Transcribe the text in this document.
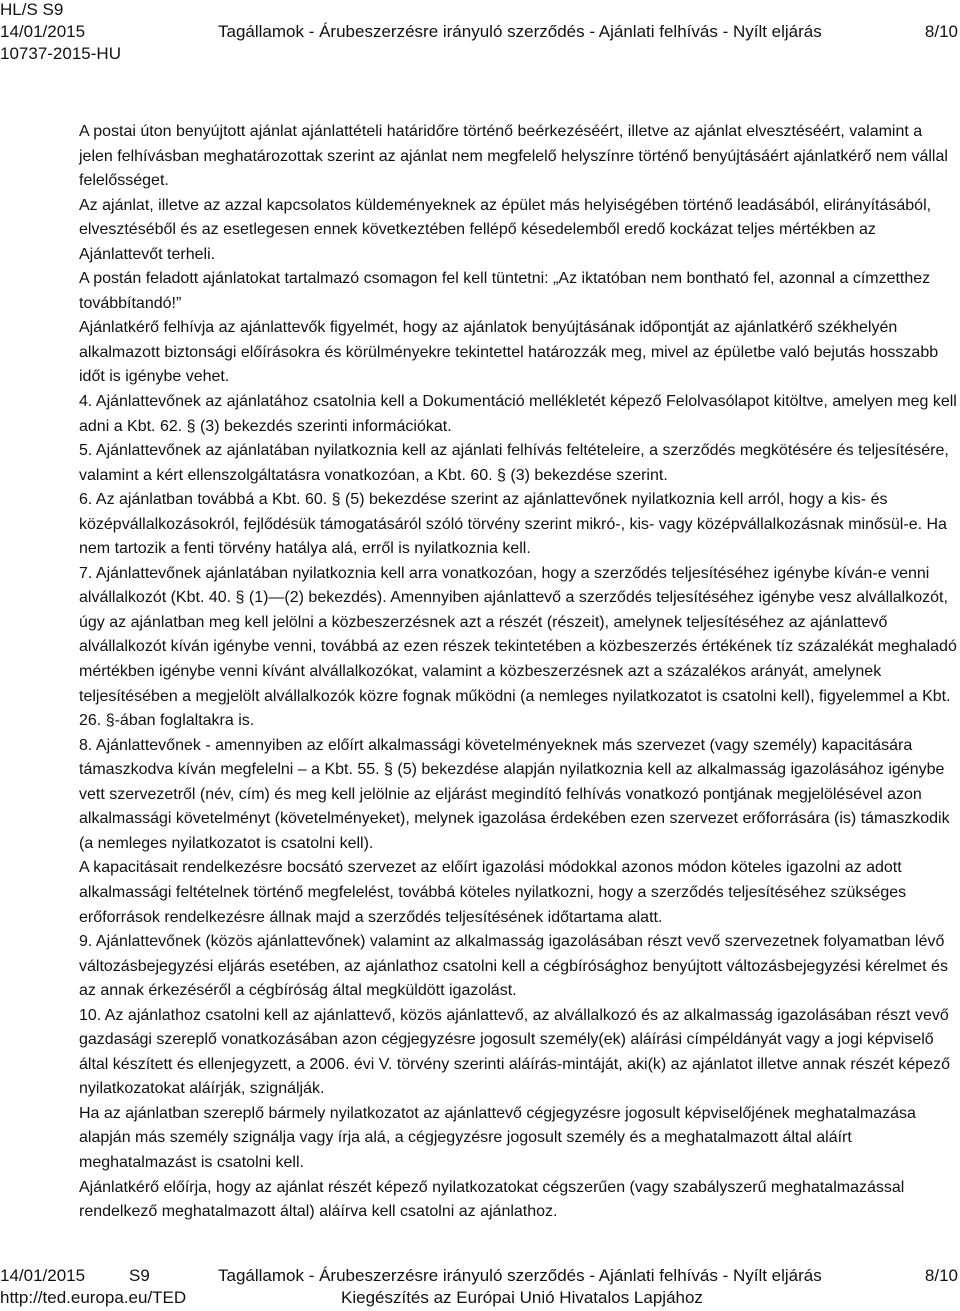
HL/S S9
14/01/2015	Tagállamok - Árubeszerzésre irányuló szerződés - Ajánlati felhívás - Nyílt eljárás	8/10
10737-2015-HU

A postai úton benyújtott ajánlat ajánlattételi határidőre történő beérkezéséért, illetve az ajánlat elvesztéséért, valamint a jelen felhívásban meghatározottak szerint az ajánlat nem megfelelő helyszínre történő benyújtásáért ajánlatkérő nem vállal felelősséget.

Az ajánlat, illetve az azzal kapcsolatos küldeményeknek az épület más helyiségében történő leadásából, elirányításából, elvesztéséből és az esetlegesen ennek következtében fellépő késedelemből eredő kockázat teljes mértékben az Ajánlattevőt terheli.

A postán feladott ajánlatokat tartalmazó csomagon fel kell tüntetni: „Az iktatóban nem bontható fel, azonnal a címzetthez továbbítandó!”

Ajánlatkérő felhívja az ajánlattevők figyelmét, hogy az ajánlatok benyújtásának időpontját az ajánlatkérő székhelyén alkalmazott biztonsági előírásokra és körülményekre tekintettel határozzák meg, mivel az épületbe való bejutás hosszabb időt is igénybe vehet.

4. Ajánlattevőnek az ajánlatához csatolnia kell a Dokumentáció mellékletét képező Felolvasólapot kitöltve, amelyen meg kell adni a Kbt. 62. § (3) bekezdés szerinti információkat.

5. Ajánlattevőnek az ajánlatában nyilatkoznia kell az ajánlati felhívás feltételeire, a szerződés megkötésére és teljesítésére, valamint a kért ellenszolgáltatásra vonatkozóan, a Kbt. 60. § (3) bekezdése szerint.

6. Az ajánlatban továbbá a Kbt. 60. § (5) bekezdése szerint az ajánlattevőnek nyilatkoznia kell arról, hogy a kis- és középvállalkozásokról, fejlődésük támogatásáról szóló törvény szerint mikró-, kis- vagy középvállalkozásnak minősül-e. Ha nem tartozik a fenti törvény hatálya alá, erről is nyilatkoznia kell.

7. Ajánlattevőnek ajánlatában nyilatkoznia kell arra vonatkozóan, hogy a szerződés teljesítéséhez igénybe kíván-e venni alvállalkozót (Kbt. 40. § (1)—(2) bekezdés). Amennyiben ajánlattevő a szerződés teljesítéséhez igénybe vesz alvállalkozót, úgy az ajánlatban meg kell jelölni a közbeszerzésnek azt a részét (részeit), amelynek teljesítéséhez az ajánlattevő alvállalkozót kíván igénybe venni, továbbá az ezen részek tekintetében a közbeszerzés értékének tíz százalékát meghaladó mértékben igénybe venni kívánt alvállalkozókat, valamint a közbeszerzésnek azt a százalékos arányát, amelynek teljesítésében a megjelölt alvállalkozók közre fognak működni (a nemleges nyilatkozatot is csatolni kell), figyelemmel a Kbt. 26. §-ában foglaltakra is.

8. Ajánlattevőnek - amennyiben az előírt alkalmassági követelményeknek más szervezet (vagy személy) kapacitására támaszkodva kíván megfelelni – a Kbt. 55. § (5) bekezdése alapján nyilatkoznia kell az alkalmasság igazolásához igénybe vett szervezetről (név, cím) és meg kell jelölnie az eljárást megindító felhívás vonatkozó pontjának megjelölésével azon alkalmassági követelményt (követelményeket), melynek igazolása érdekében ezen szervezet erőforrására (is) támaszkodik (a nemleges nyilatkozatot is csatolni kell).

A kapacitásait rendelkezésre bocsátó szervezet az előírt igazolási módokkal azonos módon köteles igazolni az adott alkalmassági feltételnek történő megfelelést, továbbá köteles nyilatkozni, hogy a szerződés teljesítéséhez szükséges erőforrások rendelkezésre állnak majd a szerződés teljesítésének időtartama alatt.

9. Ajánlattevőnek (közös ajánlattevőnek) valamint az alkalmasság igazolásában részt vevő szervezetnek folyamatban lévő változásbejegyzési eljárás esetében, az ajánlathoz csatolni kell a cégbírósághoz benyújtott változásbejegyzési kérelmet és az annak érkezéséről a cégbíróság által megküldött igazolást.

10. Az ajánlathoz csatolni kell az ajánlattevő, közös ajánlattevő, az alvállalkozó és az alkalmasság igazolásában részt vevő gazdasági szereplő vonatkozásában azon cégjegyzésre jogosult személy(ek) aláírási címpéldányát vagy a jogi képviselő által készített és ellenjegyzett, a 2006. évi V. törvény szerinti aláírás-mintáját, aki(k) az ajánlatot illetve annak részét képező nyilatkozatokat aláírják, szignálják.

Ha az ajánlatban szereplő bármely nyilatkozatot az ajánlattevő cégjegyzésre jogosult képviselőjének meghatalmazása alapján más személy szignálja vagy írja alá, a cégjegyzésre jogosult személy és a meghatalmazott által aláírt meghatalmazást is csatolni kell.

Ajánlatkérő előírja, hogy az ajánlat részét képező nyilatkozatokat cégszerűen (vagy szabályszerű meghatalmazással rendelkező meghatalmazott által) aláírva kell csatolni az ajánlathoz.

14/01/2015	S9	Tagállamok - Árubeszerzésre irányuló szerződés - Ajánlati felhívás - Nyílt eljárás	8/10
http://ted.europa.eu/TED	Kiegészítés az Európai Unió Hivatalos Lapjához
